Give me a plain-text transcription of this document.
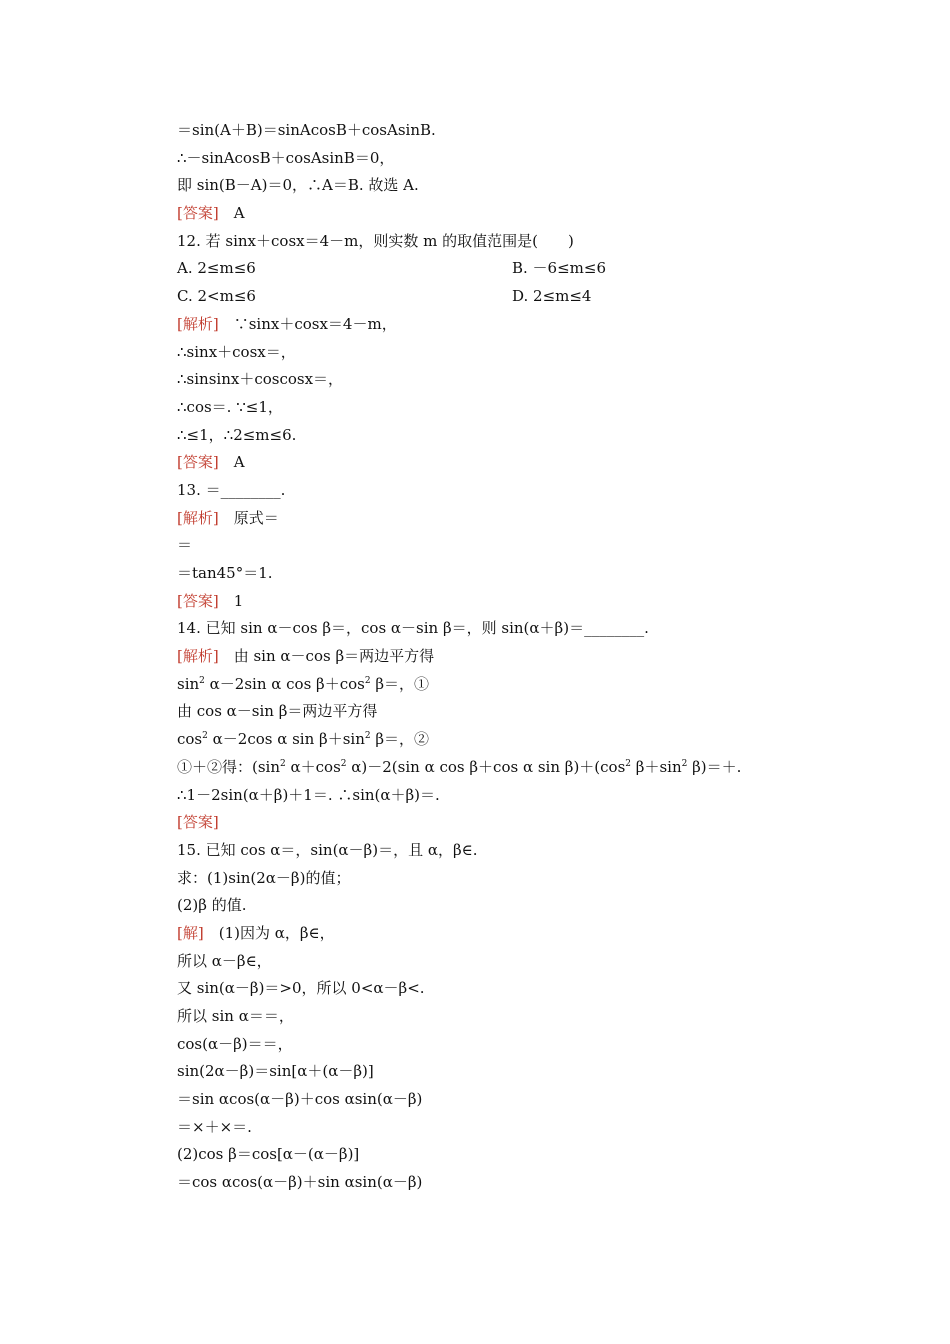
＝sin(A＋B)＝sinAcosB＋cosAsinB.
∴－sinAcosB＋cosAsinB＝0，
即 sin(B－A)＝0，∴A＝B. 故选 A.
[答案]　A
12. 若 sinx＋cosx＝4－m，则实数 m 的取值范围是(　　)
A. 2≤m≤6	B. －6≤m≤6
C. 2<m≤6	D. 2≤m≤4
[解析]　∵sinx＋cosx＝4－m，
∴sinx＋cosx＝，
∴sinsinx＋coscosx＝，
∴cos＝. ∵≤1，
∴≤1，∴2≤m≤6.
[答案]　A
13. ＝________.
[解析]　原式＝
＝
＝tan45°＝1.
[答案]　1
14. 已知 sin α－cos β＝，cos α－sin β＝，则 sin(α＋β)＝________.
[解析]　由 sin α－cos β＝两边平方得
$\sin^2 \alpha-2\sin$ α $\cos \beta+\cos^2$ β＝，①
由 cos α－sin β＝两边平方得
$\cos^2 \alpha-2\cos$ α $\sin \beta+\sin^2$ β＝，②
①＋②得：($\sin^2$ $\alpha+\cos^2$ α)－2(sin α cos β＋cos α $\sin \beta)+(\cos^2$ $\beta+\sin^2$ β)＝＋.
∴1－2sin(α＋β)＋1＝. ∴sin(α＋β)＝.
[答案]
15. 已知 cos α＝，sin(α－β)＝，且 α，β∈.
求：(1)sin(2α－β)的值；
(2)β 的值.
[解]　(1)因为 α，β∈，
所以 α－β∈，
又 sin(α－β)＝>0，所以 0<α－β<.
所以 sin α＝＝，
cos(α－β)＝＝，
sin(2α－β)＝sin[α＋(α－β)]
＝sin αcos(α－β)＋cos αsin(α－β)
＝×＋×＝.
(2)cos β＝cos[α－(α－β)]
＝cos αcos(α－β)＋sin αsin(α－β)
